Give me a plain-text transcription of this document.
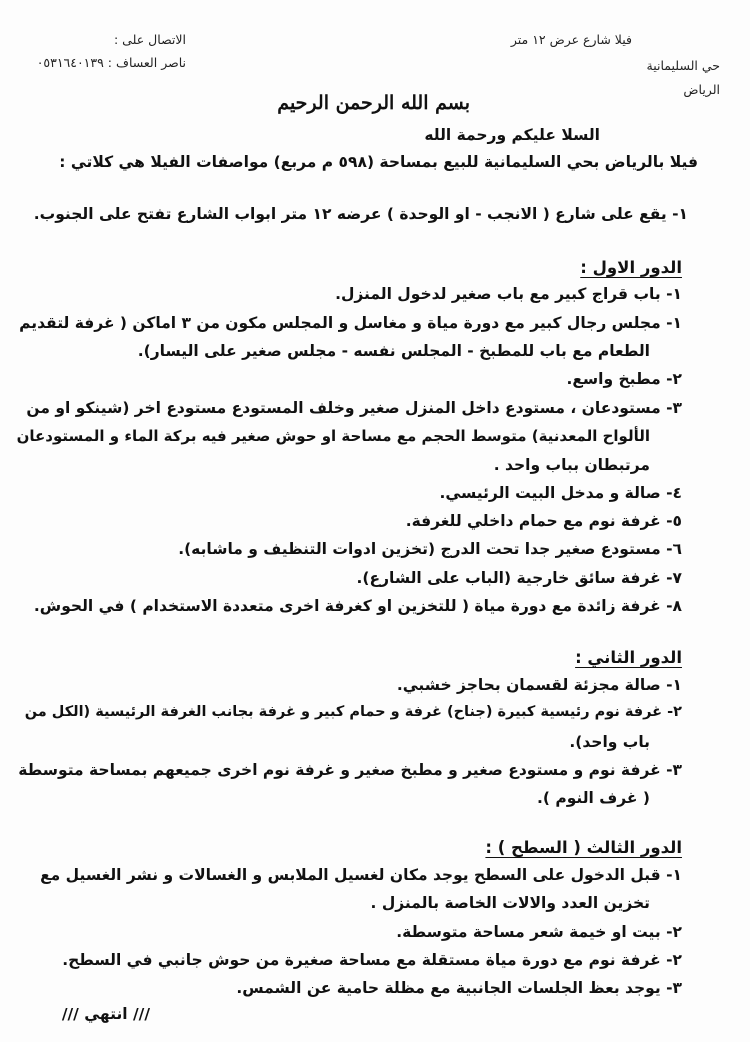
فيلا شارع عرض ١٢ متر
حي السليمانية
الرياض
الاتصال على :
ناصر العساف : ٠٥٣١٦٤٠١٣٩
بسم الله الرحمن الرحيم
السلا عليكم ورحمة الله
فيلا بالرياض بحي السليمانية للبيع بمساحة (٥٩٨ م مربع) مواصفات الفيلا هي كلاتي :
١- يقع على شارع ( الانجب - او الوحدة ) عرضه ١٢ متر ابواب الشارع تفتح على الجنوب.
الدور الاول :
١- باب قراج كبير مع باب صغير لدخول المنزل.
١- مجلس رجال كبير مع دورة مياة و مغاسل و المجلس مكون من ٣ اماكن ( غرفة لتقديم
الطعام مع باب للمطبخ - المجلس نفسه - مجلس صغير على اليسار).
٢- مطبخ واسع.
٣- مستودعان ، مستودع داخل المنزل صغير وخلف المستودع مستودع اخر (شينكو او من
الألواح المعدنية) متوسط الحجم مع مساحة او حوش صغير فيه بركة الماء و المستودعان
مرتبطان بباب واحد .
٤- صالة و مدخل البيت الرئيسي.
٥- غرفة نوم مع حمام داخلي للغرفة.
٦- مستودع صغير جدا تحت الدرج (تخزين ادوات التنظيف و ماشابه).
٧- غرفة سائق خارجية (الباب على الشارع).
٨- غرفة زائدة مع دورة مياة ( للتخزين او كغرفة اخرى متعددة الاستخدام ) في الحوش.
الدور الثاني :
١- صالة مجزئة لقسمان بحاجز خشبي.
٢- غرفة نوم رئيسية كبيرة (جناح) غرفة و حمام كبير و غرفة بجانب الغرفة الرئيسية (الكل من
باب واحد).
٣- غرفة نوم و مستودع صغير و مطبخ صغير و غرفة نوم اخرى جميعهم بمساحة متوسطة
( غرف النوم ).
الدور الثالث ( السطح ) :
١- قبل الدخول على السطح يوجد مكان لغسيل الملابس و الغسالات و نشر الغسيل مع
تخزين العدد والالات الخاصة بالمنزل .
٢- بيت او خيمة شعر مساحة متوسطة.
٢- غرفة نوم مع دورة مياة مستقلة مع مساحة صغيرة من حوش جانبي في السطح.
٣- يوجد بعظ الجلسات الجانبية مع مظلة حامية عن الشمس.
/// انتهي ///
